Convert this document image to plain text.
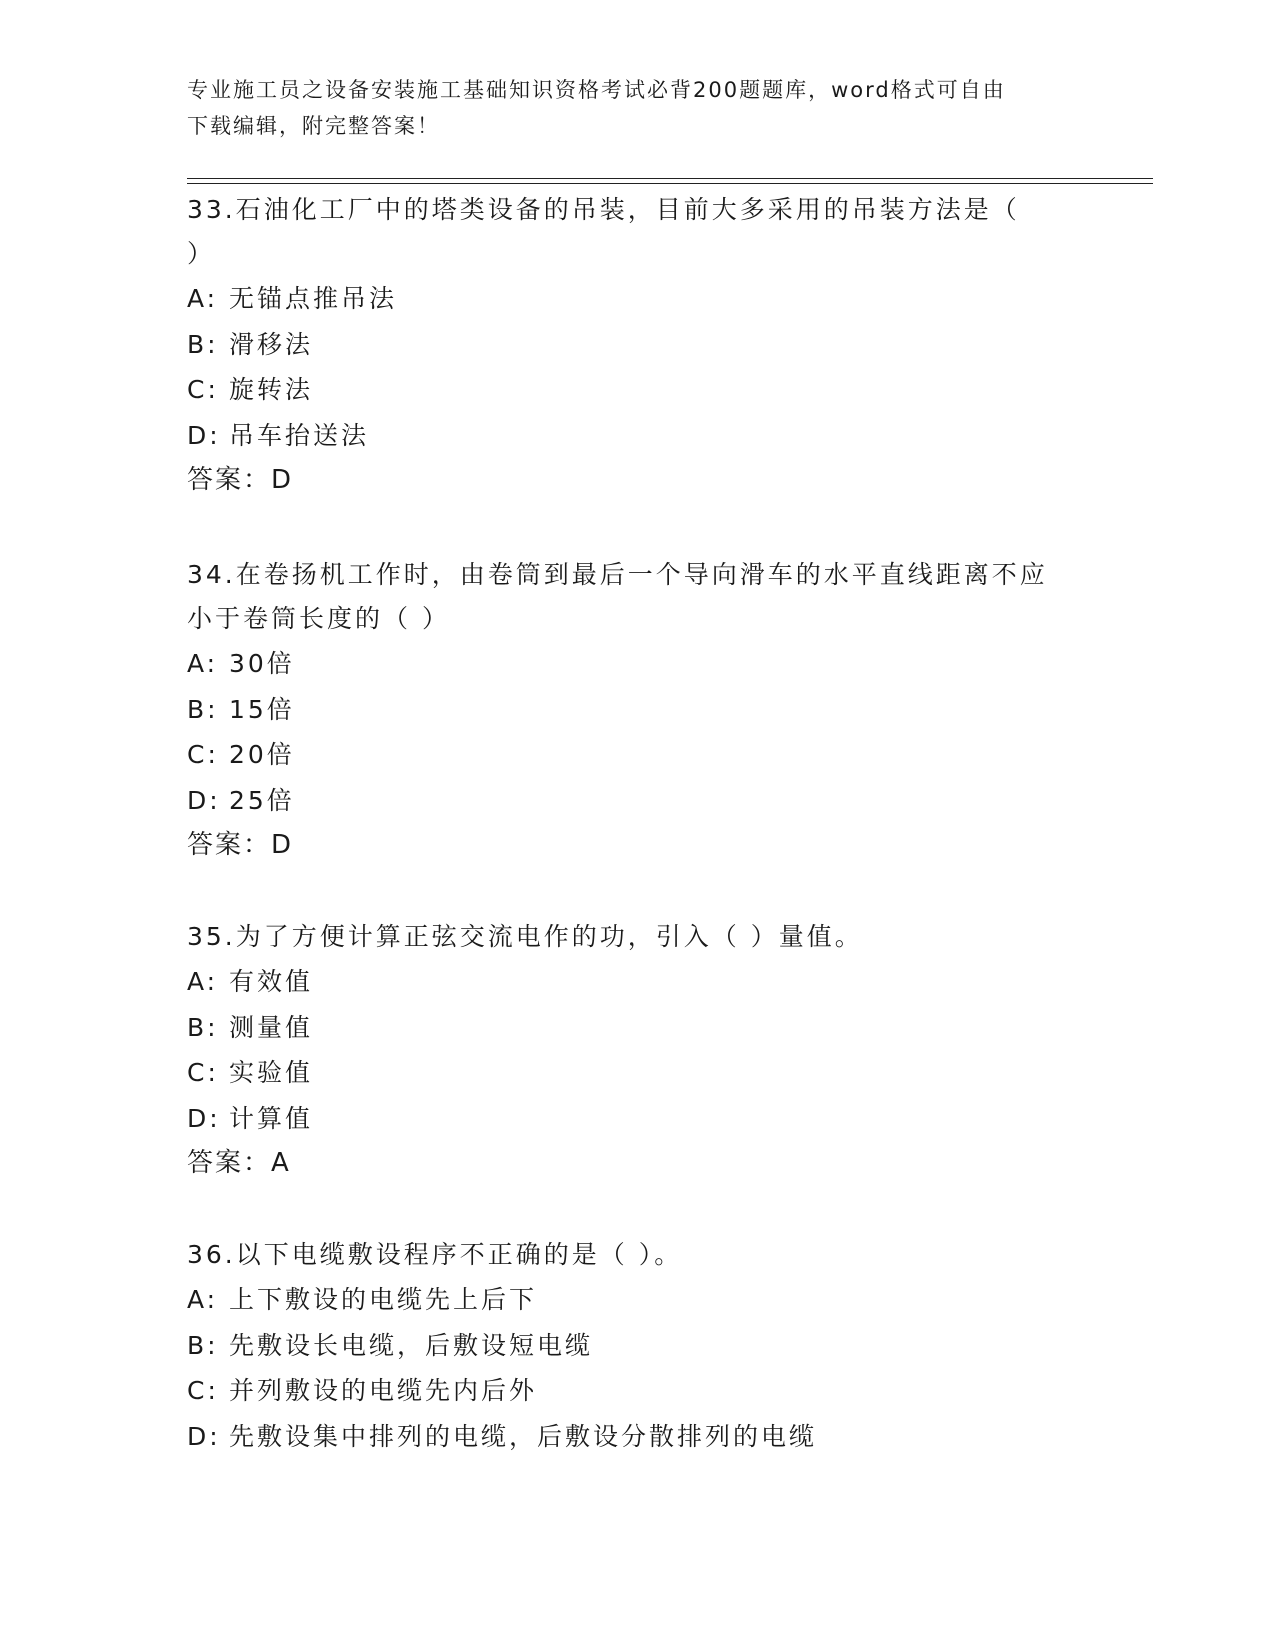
专业施工员之设备安装施工基础知识资格考试必背200题题库，word格式可自由
下载编辑，附完整答案！
33.石油化工厂中的塔类设备的吊装，目前大多采用的吊装方法是（
）
A: 无锚点推吊法
B: 滑移法
C: 旋转法
D: 吊车抬送法
答案：D
34.在卷扬机工作时，由卷筒到最后一个导向滑车的水平直线距离不应
小于卷筒长度的（ ）
A: 30倍
B: 15倍
C: 20倍
D: 25倍
答案：D
35.为了方便计算正弦交流电作的功，引入（ ）量值。
A: 有效值
B: 测量值
C: 实验值
D: 计算值
答案：A
36.以下电缆敷设程序不正确的是（ ）。
A: 上下敷设的电缆先上后下
B: 先敷设长电缆，后敷设短电缆
C: 并列敷设的电缆先内后外
D: 先敷设集中排列的电缆，后敷设分散排列的电缆
